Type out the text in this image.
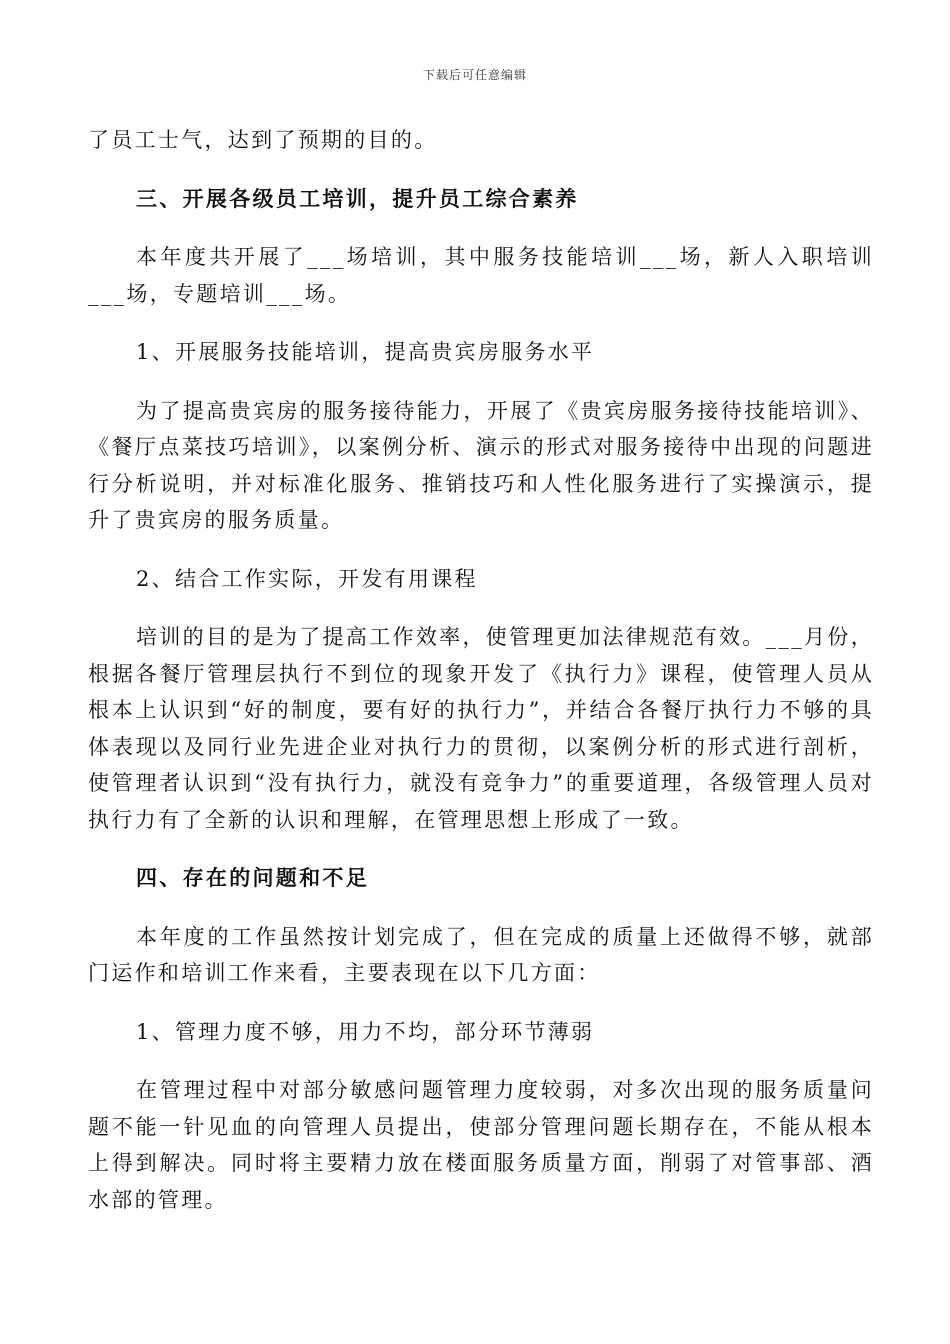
下载后可任意编辑

了员工士气，达到了预期的目的。

三、开展各级员工培训，提升员工综合素养

本年度共开展了___场培训，其中服务技能培训___场，新人入职培训___场，专题培训___场。

1、开展服务技能培训，提高贵宾房服务水平

为了提高贵宾房的服务接待能力，开展了《贵宾房服务接待技能培训》、《餐厅点菜技巧培训》，以案例分析、演示的形式对服务接待中出现的问题进行分析说明，并对标准化服务、推销技巧和人性化服务进行了实操演示，提升了贵宾房的服务质量。

2、结合工作实际，开发有用课程

培训的目的是为了提高工作效率，使管理更加法律规范有效。___月份，根据各餐厅管理层执行不到位的现象开发了《执行力》课程，使管理人员从根本上认识到“好的制度，要有好的执行力”，并结合各餐厅执行力不够的具体表现以及同行业先进企业对执行力的贯彻，以案例分析的形式进行剖析，使管理者认识到“没有执行力，就没有竞争力”的重要道理，各级管理人员对执行力有了全新的认识和理解，在管理思想上形成了一致。

四、存在的问题和不足

本年度的工作虽然按计划完成了，但在完成的质量上还做得不够，就部门运作和培训工作来看，主要表现在以下几方面：

1、管理力度不够，用力不均，部分环节薄弱

在管理过程中对部分敏感问题管理力度较弱，对多次出现的服务质量问题不能一针见血的向管理人员提出，使部分管理问题长期存在，不能从根本上得到解决。同时将主要精力放在楼面服务质量方面，削弱了对管事部、酒水部的管理。
